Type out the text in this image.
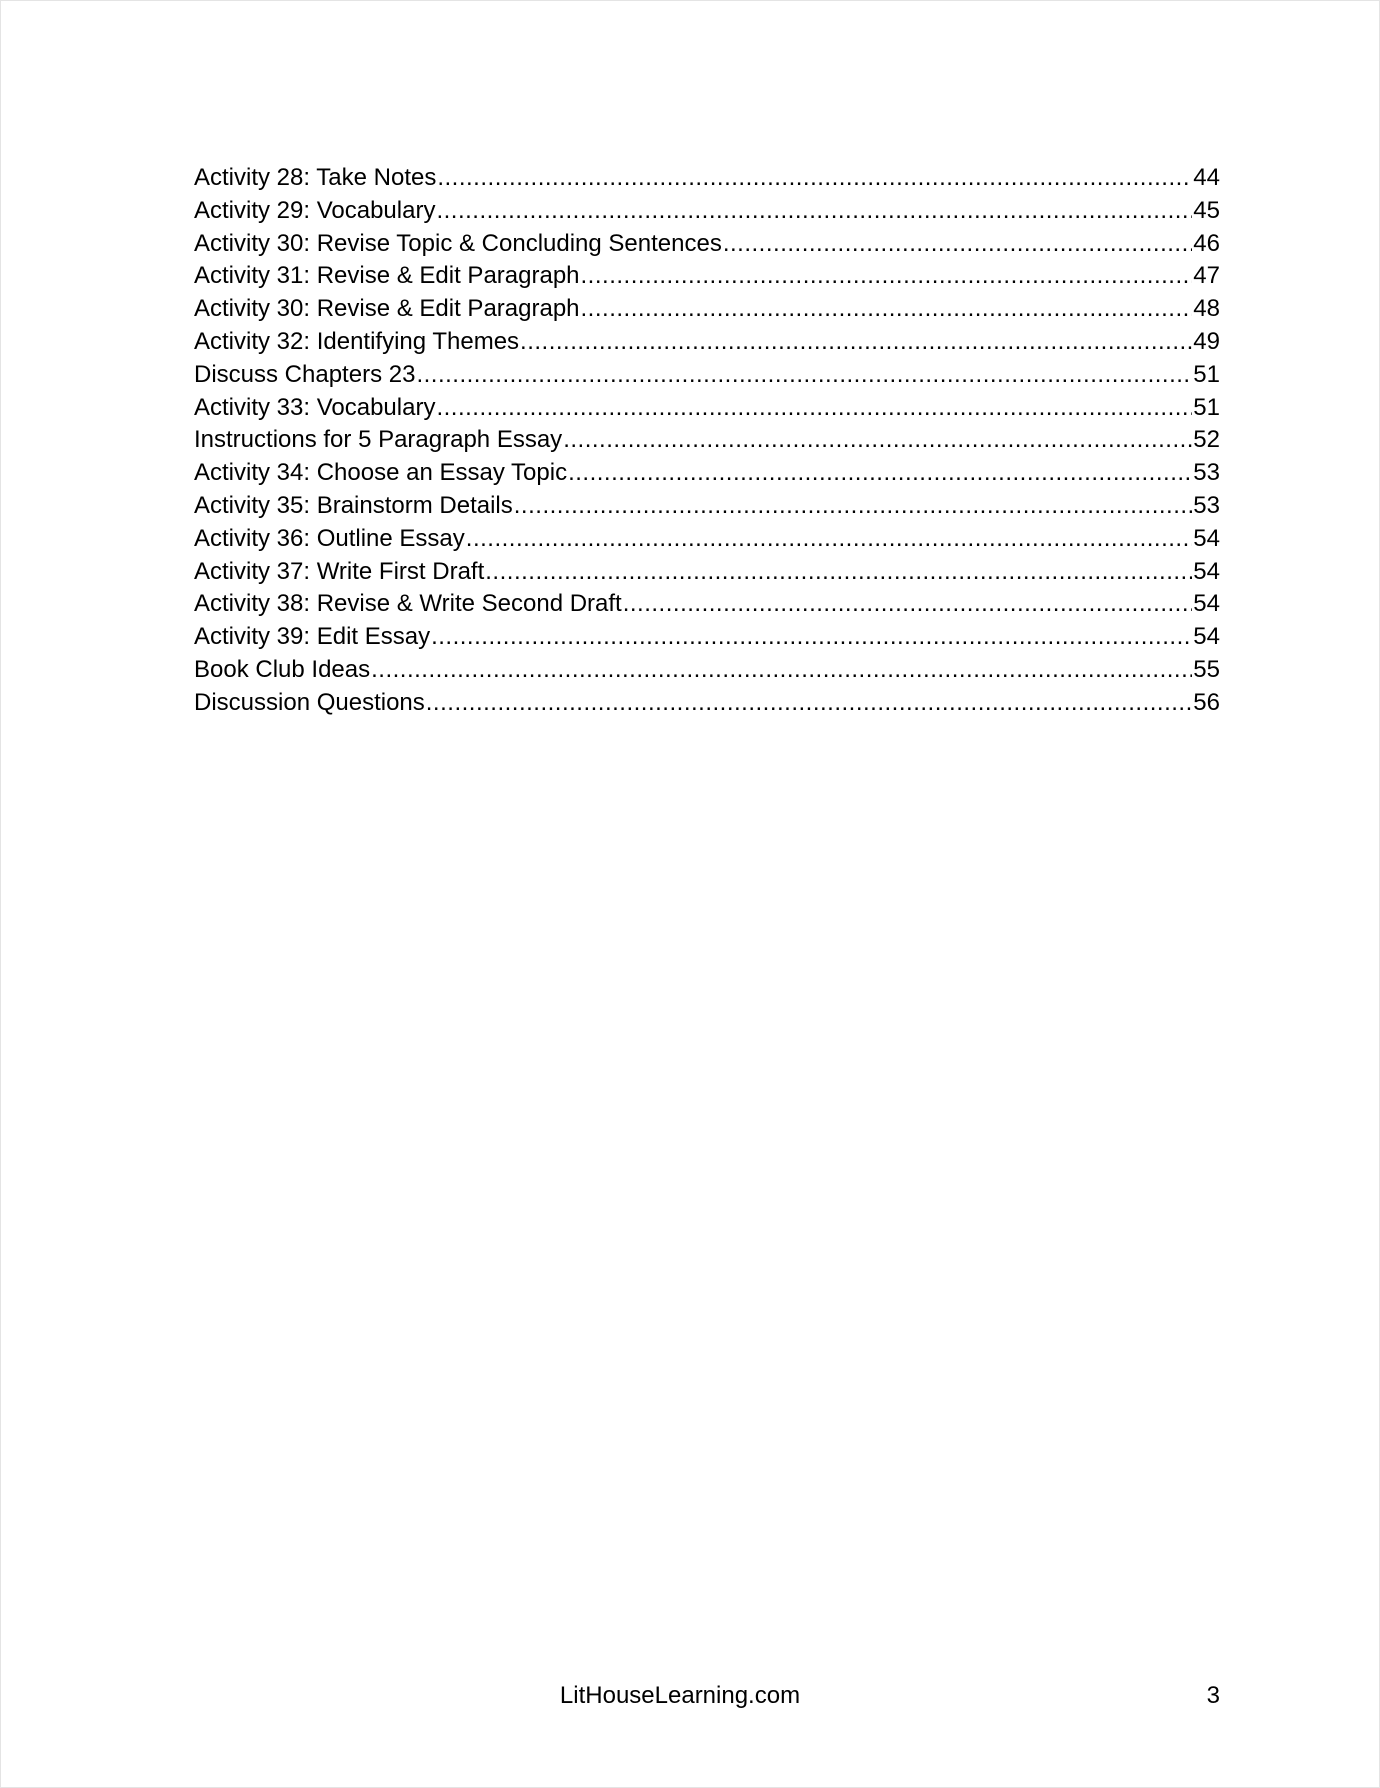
Activity 28: Take Notes .....	44
Activity 29: Vocabulary .....	45
Activity 30: Revise Topic & Concluding Sentences .....	46
Activity 31: Revise & Edit Paragraph .....	47
Activity 30: Revise & Edit Paragraph .....	48
Activity 32: Identifying Themes .....	49
Discuss Chapters 23 .....	51
Activity 33: Vocabulary .....	51
Instructions for 5 Paragraph Essay .....	52
Activity 34: Choose an Essay Topic .....	53
Activity 35: Brainstorm Details .....	53
Activity 36: Outline Essay .....	54
Activity 37: Write First Draft .....	54
Activity 38: Revise & Write Second Draft .....	54
Activity 39: Edit Essay .....	54
Book Club Ideas .....	55
Discussion Questions .....	56
LitHouseLearning.com	3
